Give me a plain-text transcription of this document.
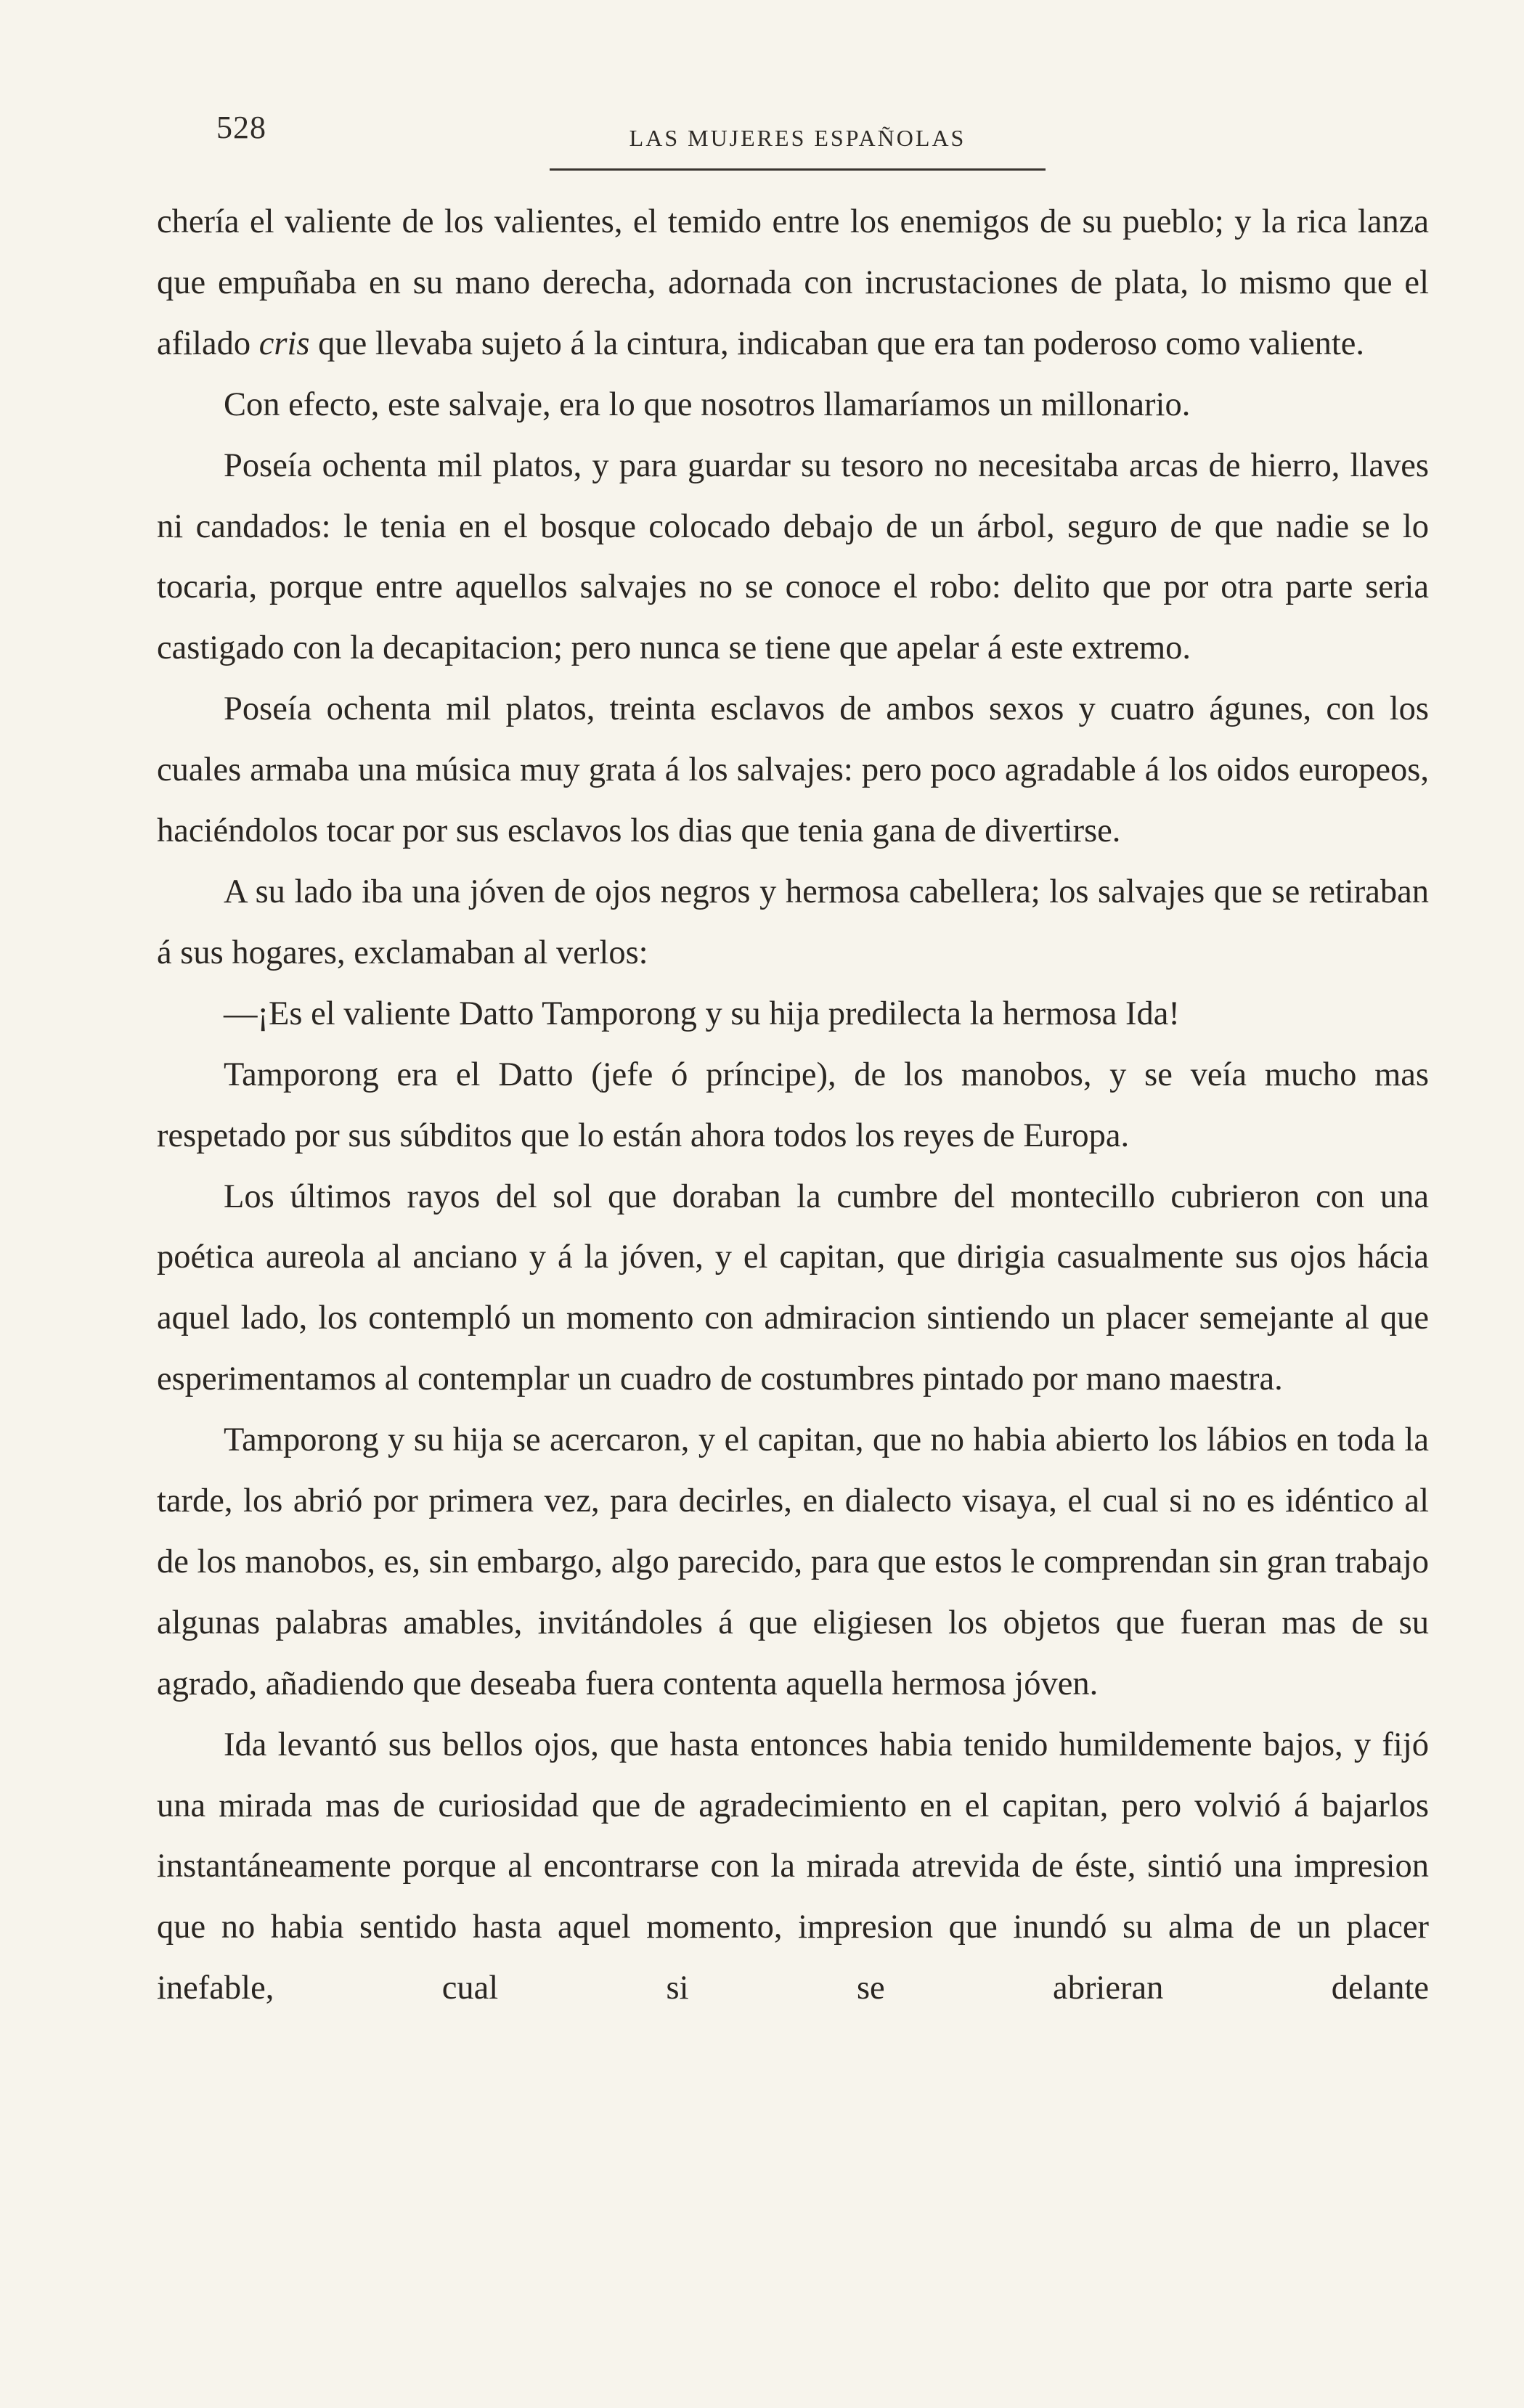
528	LAS MUJERES ESPAÑOLAS

chería el valiente de los valientes, el temido entre los enemigos de su pueblo; y la rica lanza que empuñaba en su mano derecha, adornada con incrustaciones de plata, lo mismo que el afilado cris que llevaba sujeto á la cintura, indicaban que era tan poderoso como valiente.

Con efecto, este salvaje, era lo que nosotros llamaríamos un millonario.

Poseía ochenta mil platos, y para guardar su tesoro no necesitaba arcas de hierro, llaves ni candados: le tenia en el bosque colocado debajo de un árbol, seguro de que nadie se lo tocaria, porque entre aquellos salvajes no se conoce el robo: delito que por otra parte seria castigado con la decapitacion; pero nunca se tiene que apelar á este extremo.

Poseía ochenta mil platos, treinta esclavos de ambos sexos y cuatro águnes, con los cuales armaba una música muy grata á los salvajes: pero poco agradable á los oidos europeos, haciéndolos tocar por sus esclavos los dias que tenia gana de divertirse.

A su lado iba una jóven de ojos negros y hermosa cabellera; los salvajes que se retiraban á sus hogares, exclamaban al verlos:

—¡Es el valiente Datto Tamporong y su hija predilecta la hermosa Ida!

Tamporong era el Datto (jefe ó príncipe), de los manobos, y se veía mucho mas respetado por sus súbditos que lo están ahora todos los reyes de Europa.

Los últimos rayos del sol que doraban la cumbre del montecillo cubrieron con una poética aureola al anciano y á la jóven, y el capitan, que dirigia casualmente sus ojos hácia aquel lado, los contempló un momento con admiracion sintiendo un placer semejante al que esperimentamos al contemplar un cuadro de costumbres pintado por mano maestra.

Tamporong y su hija se acercaron, y el capitan, que no habia abierto los lábios en toda la tarde, los abrió por primera vez, para decirles, en dialecto visaya, el cual si no es idéntico al de los manobos, es, sin embargo, algo parecido, para que estos le comprendan sin gran trabajo algunas palabras amables, invitándoles á que eligiesen los objetos que fueran mas de su agrado, añadiendo que deseaba fuera contenta aquella hermosa jóven.

Ida levantó sus bellos ojos, que hasta entonces habia tenido humildemente bajos, y fijó una mirada mas de curiosidad que de agradecimiento en el capitan, pero volvió á bajarlos instantáneamente porque al encontrarse con la mirada atrevida de éste, sintió una impresion que no habia sentido hasta aquel momento, impresion que inundó su alma de un placer inefable, cual si se abrieran delante
